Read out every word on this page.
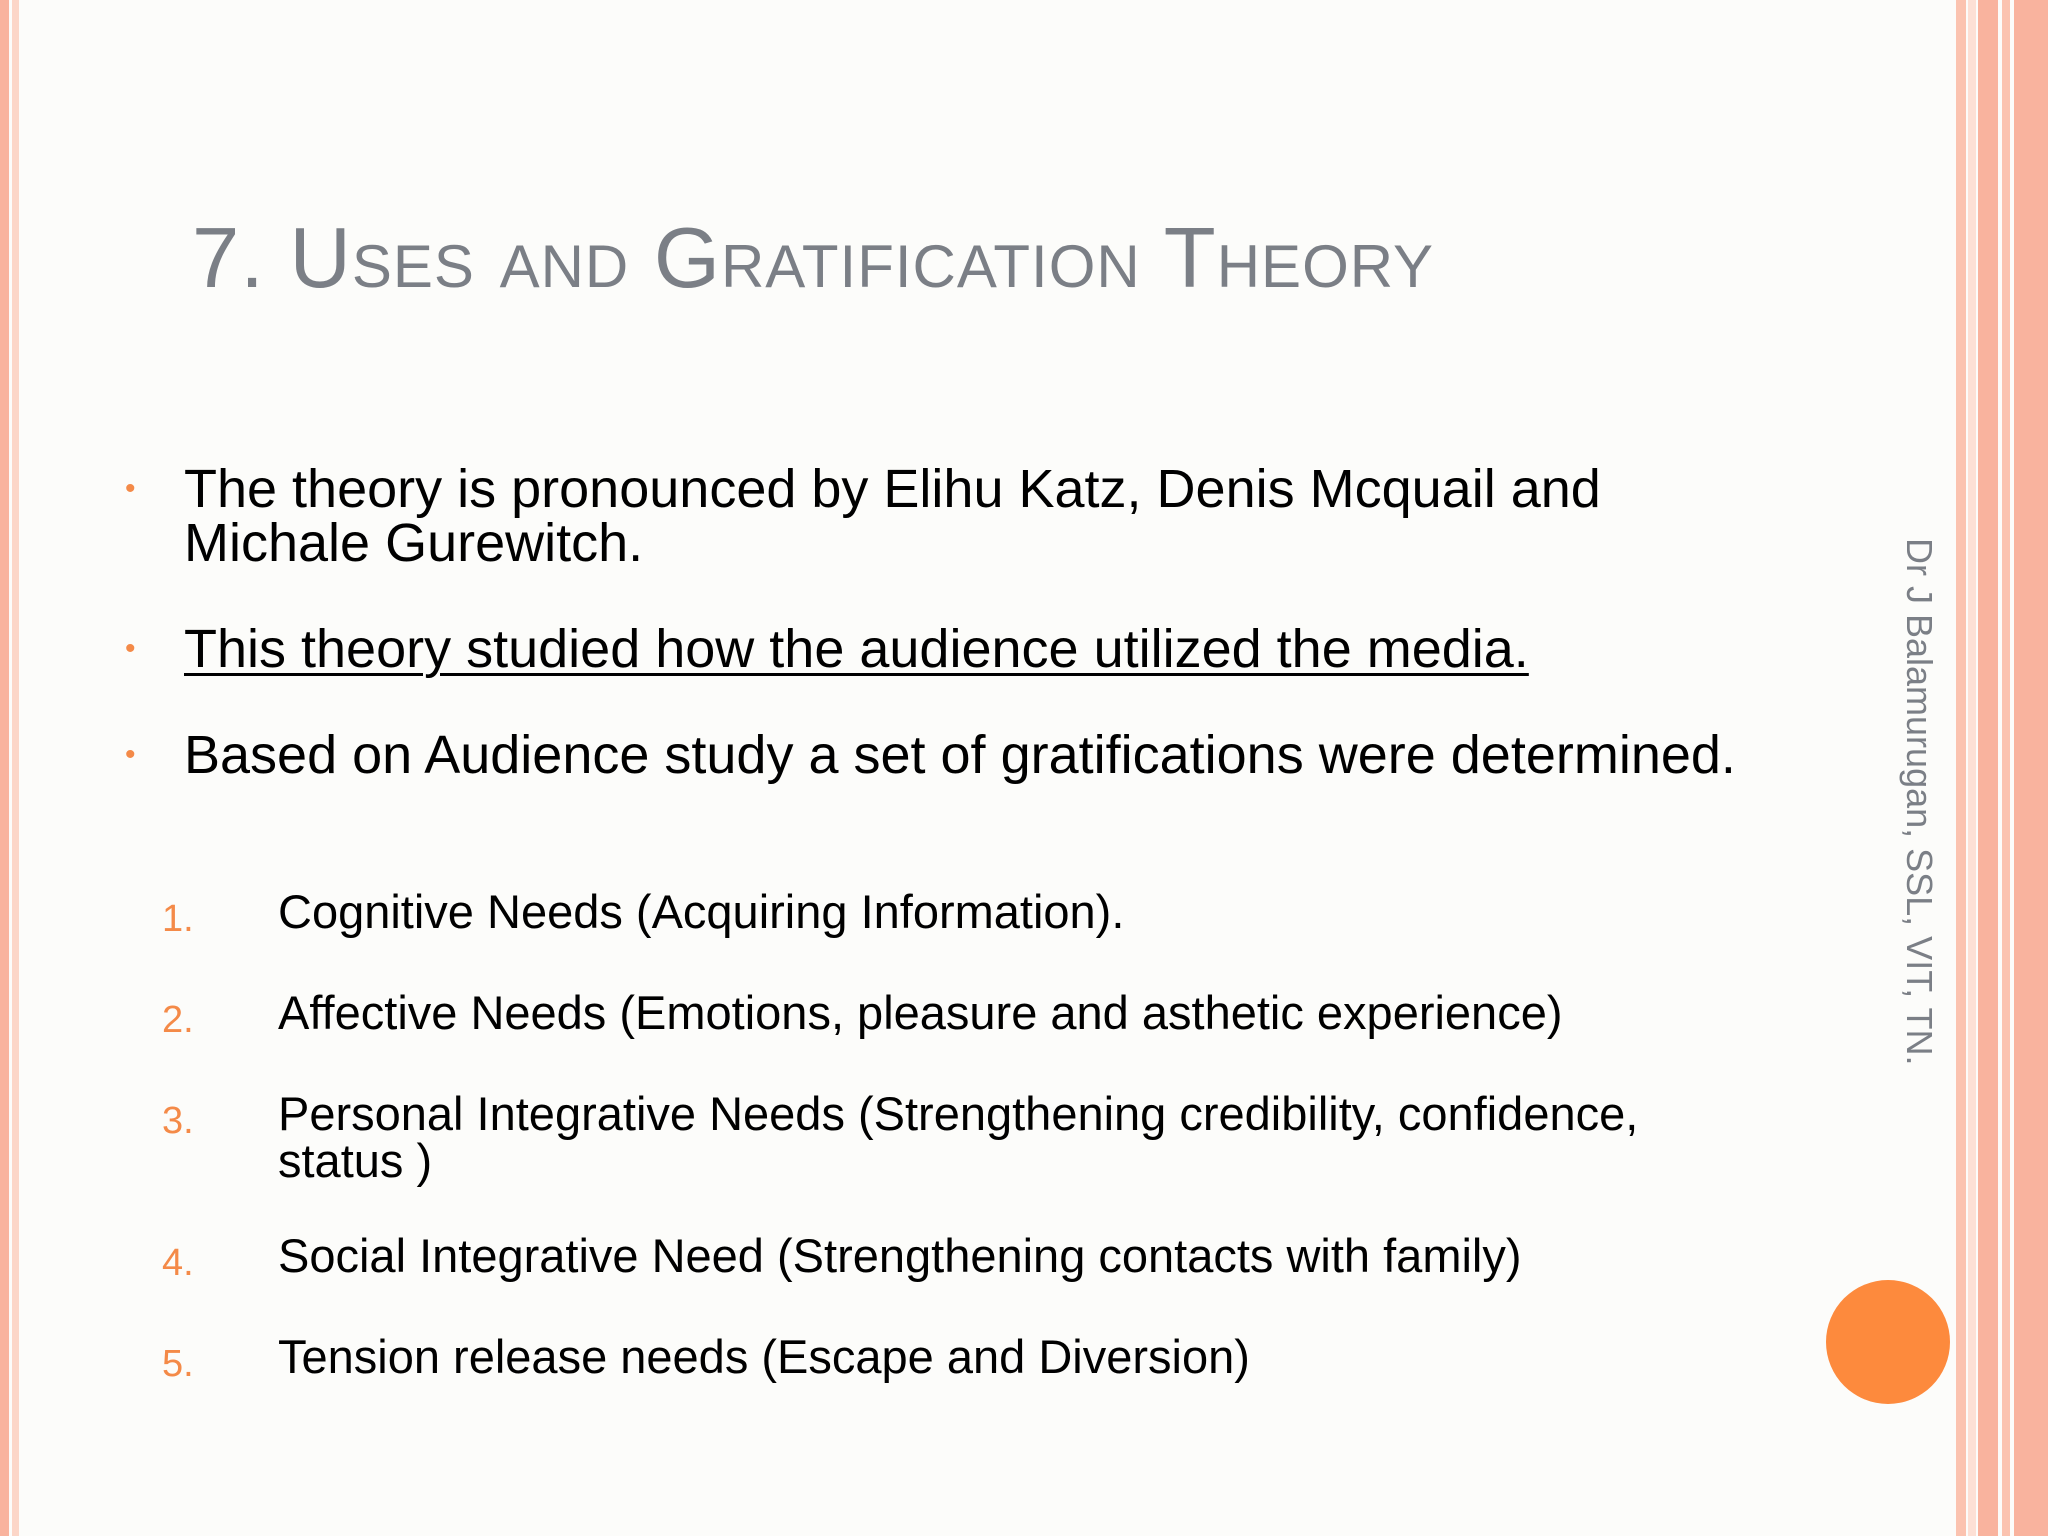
7. Uses and Gratification Theory
• The theory is pronounced by Elihu Katz, Denis Mcquail and Michale Gurewitch.
• This theory studied how the audience utilized the media.
• Based on Audience study a set of gratifications were determined.
1. Cognitive Needs (Acquiring Information).
2. Affective Needs (Emotions, pleasure and asthetic experience)
3. Personal Integrative Needs (Strengthening credibility, confidence, status )
4. Social Integrative Need (Strengthening contacts with family)
5. Tension release needs (Escape and Diversion)
Dr J Balamurugan, SSL, VIT, TN.
